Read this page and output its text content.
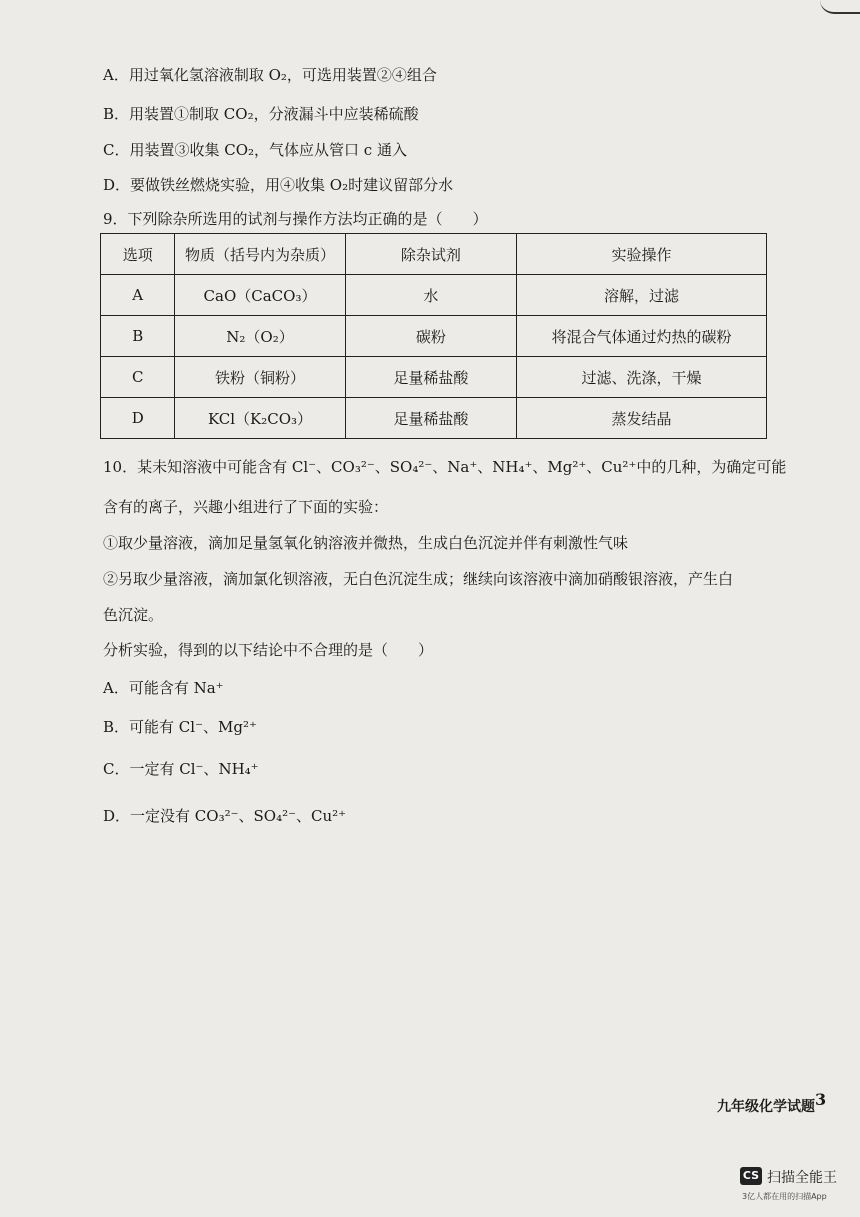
A．用过氧化氢溶液制取 O₂，可选用装置②④组合
B．用装置①制取 CO₂，分液漏斗中应装稀硫酸
C．用装置③收集 CO₂，气体应从管口 c 通入
D．要做铁丝燃烧实验，用④收集 O₂时建议留部分水
9．下列除杂所选用的试剂与操作方法均正确的是（　　）
选项	物质（括号内为杂质）	除杂试剂	实验操作
A	CaO（CaCO₃）	水	溶解，过滤
B	N₂（O₂）	碳粉	将混合气体通过灼热的碳粉
C	铁粉（铜粉）	足量稀盐酸	过滤、洗涤，干燥
D	KCl（K₂CO₃）	足量稀盐酸	蒸发结晶
10．某未知溶液中可能含有 Cl⁻、CO₃²⁻、SO₄²⁻、Na⁺、NH₄⁺、Mg²⁺、Cu²⁺中的几种，为确定可能
含有的离子，兴趣小组进行了下面的实验：
①取少量溶液，滴加足量氢氧化钠溶液并微热，生成白色沉淀并伴有刺激性气味
②另取少量溶液，滴加氯化钡溶液，无白色沉淀生成；继续向该溶液中滴加硝酸银溶液，产生白
色沉淀。
分析实验，得到的以下结论中不合理的是（　　）
A．可能含有 Na⁺
B．可能有 Cl⁻、Mg²⁺
C．一定有 Cl⁻、NH₄⁺
D．一定没有 CO₃²⁻、SO₄²⁻、Cu²⁺
九年级化学试题 3
CS 扫描全能王
3亿人都在用的扫描App
